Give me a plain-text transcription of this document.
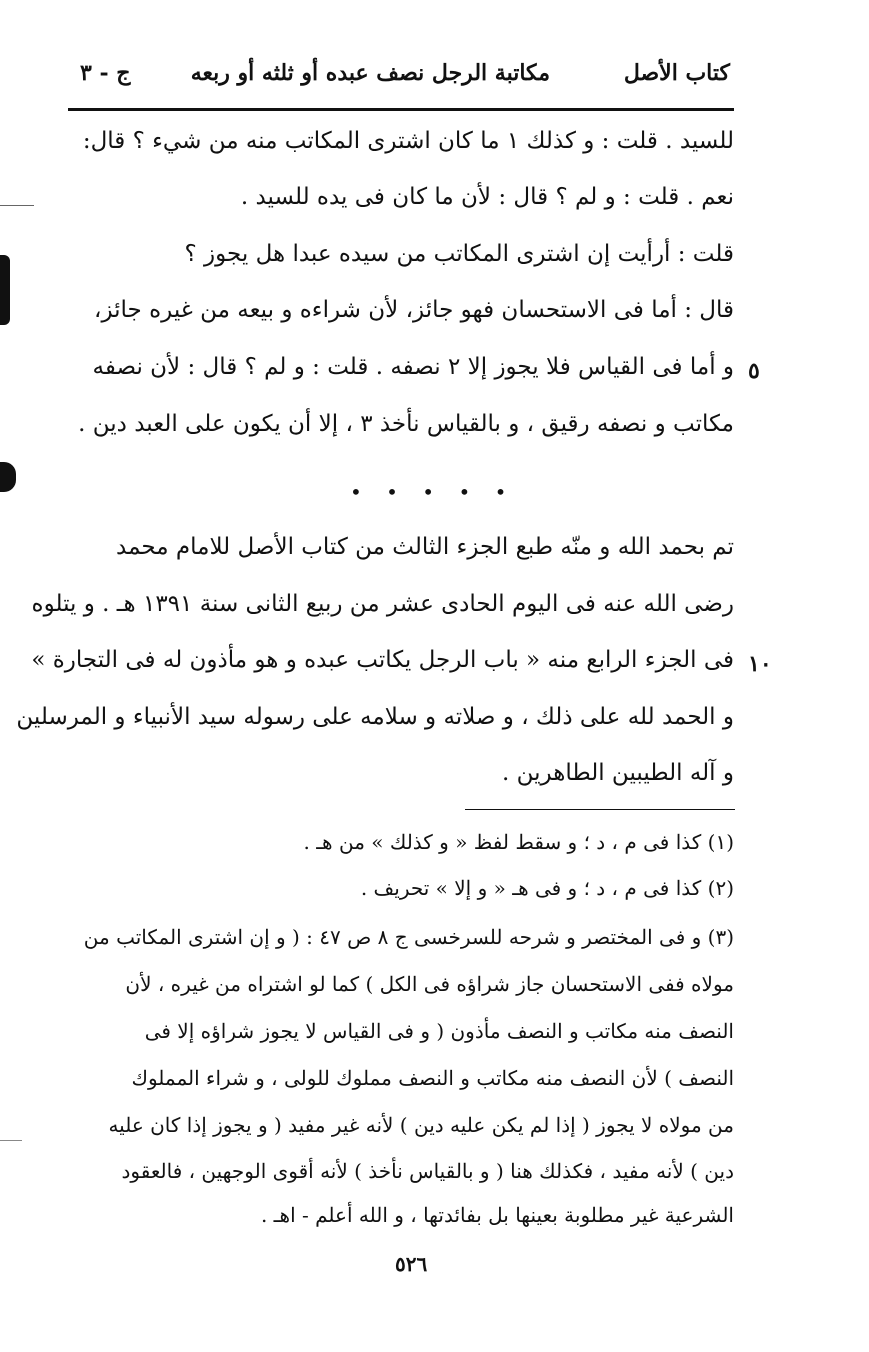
كتاب الأصل
مكاتبة الرجل نصف عبده أو ثلثه أو ربعه
ج - ٣
للسيد . قلت : و كذلك ١ ما كان اشترى المكاتب منه من شيء ؟ قال:
نعم . قلت : و لم ؟ قال : لأن ما كان فى يده للسيد .
قلت : أرأيت إن اشترى المكاتب من سيده عبدا هل يجوز ؟
قال : أما فى الاستحسان فهو جائز، لأن شراءه و بيعه من غيره جائز،
و أما فى القياس فلا يجوز إلا ٢ نصفه . قلت : و لم ؟ قال : لأن نصفه ٥
مكاتب و نصفه رقيق ، و بالقياس نأخذ ٣ ، إلا أن يكون على العبد دين .
• • • • •
تم بحمد الله و منّه طبع الجزء الثالث من كتاب الأصل للامام محمد
رضى الله عنه فى اليوم الحادى عشر من ربيع الثانى سنة ١٣٩١ هـ . و يتلوه
فى الجزء الرابع منه « باب الرجل يكاتب عبده و هو مأذون له فى التجارة » ١٠
و الحمد لله على ذلك ، و صلاته و سلامه على رسوله سيد الأنبياء و المرسلين
و آله الطيبين الطاهرين .
(١) كذا فى م ، د ؛ و سقط لفظ « و كذلك » من هـ .
(٢) كذا فى م ، د ؛ و فى هـ « و إلا » تحريف .
(٣) و فى المختصر و شرحه للسرخسى ج ٨ ص ٤٧ : ( و إن اشترى المكاتب من
مولاه ففى الاستحسان جاز شراؤه فى الكل ) كما لو اشتراه من غيره ، لأن
النصف منه مكاتب و النصف مأذون ( و فى القياس لا يجوز شراؤه إلا فى
النصف ) لأن النصف منه مكاتب و النصف مملوك للولى ، و شراء المملوك
من مولاه لا يجوز ( إذا لم يكن عليه دين ) لأنه غير مفيد ( و يجوز إذا كان عليه
دين ) لأنه مفيد ، فكذلك هنا ( و بالقياس نأخذ ) لأنه أقوى الوجهين ، فالعقود
الشرعية غير مطلوبة بعينها بل بفائدتها ، و الله أعلم - اهـ .
٥٢٦
